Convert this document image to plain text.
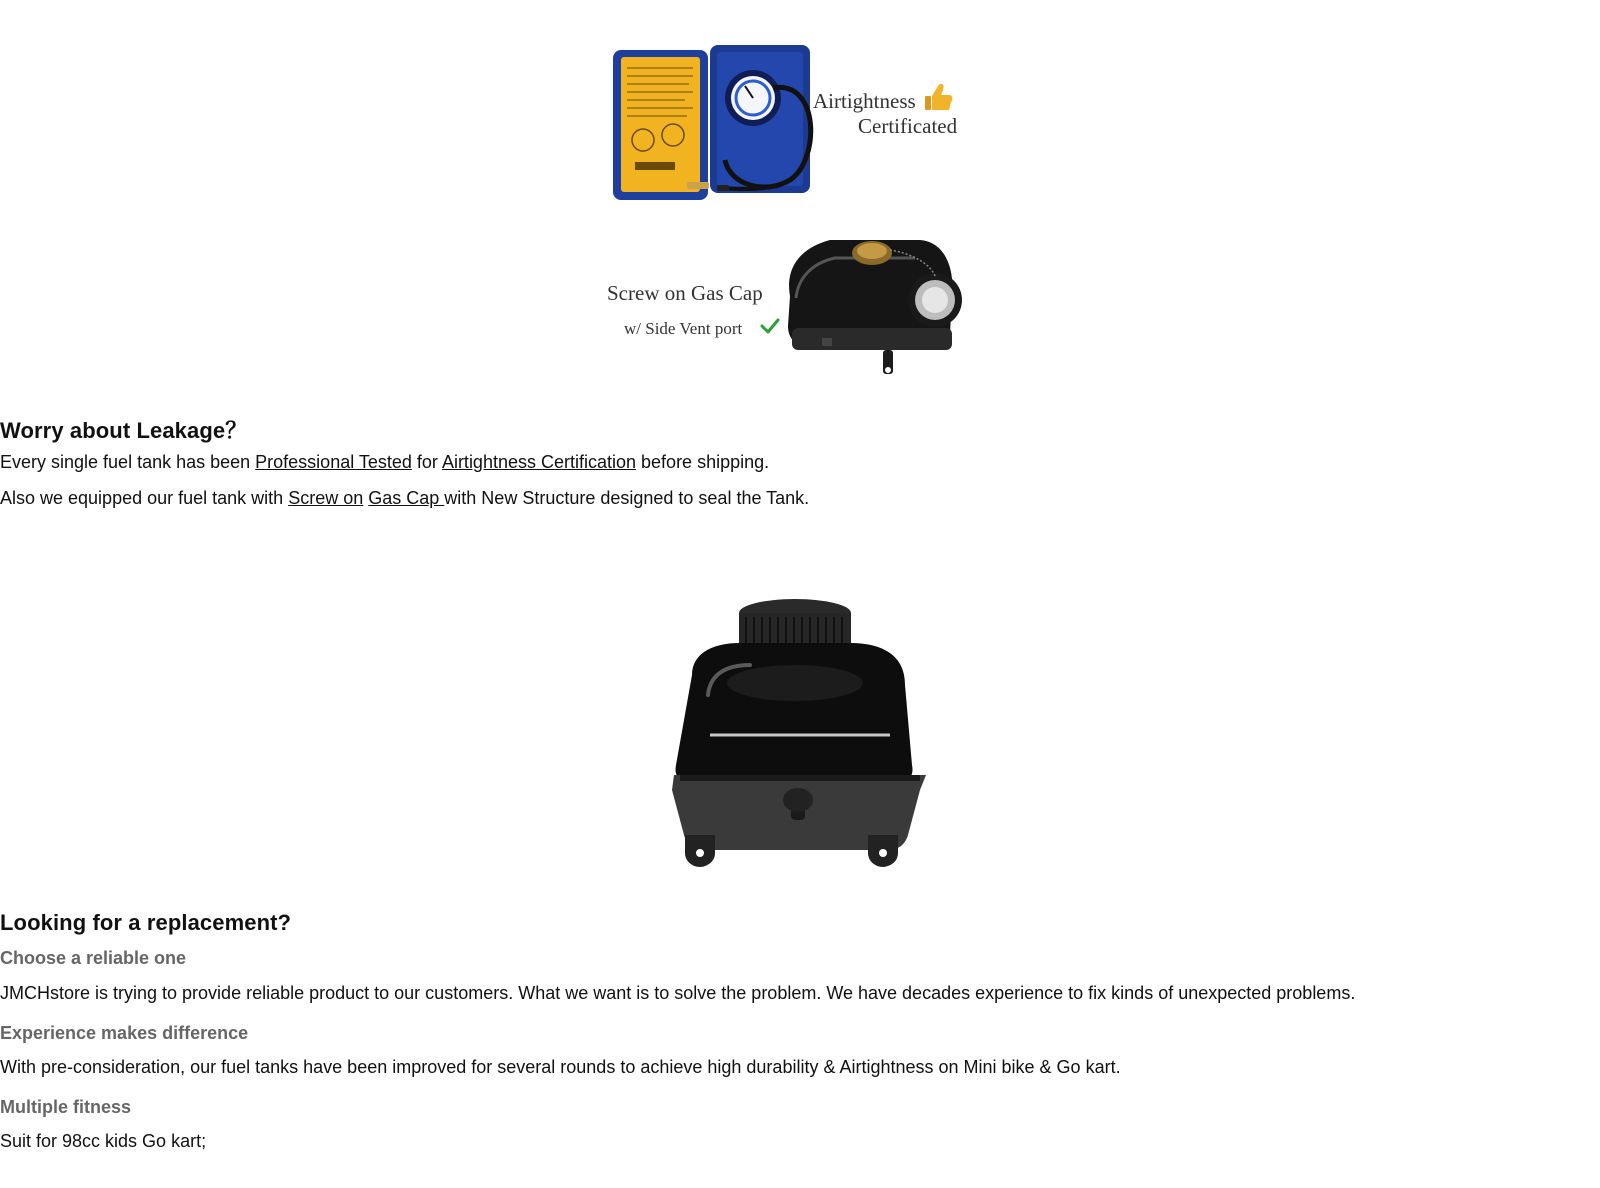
Airtightness
Certificated
Screw on Gas Cap
w/ Side Vent port
Worry about Leakage？

Every single fuel tank has been Professional Tested for Airtightness Certification before shipping.

Also we equipped our fuel tank with Screw on Gas Cap with New Structure designed to seal the Tank.

Looking for a replacement?
Choose a reliable one

JMCHstore is trying to provide reliable product to our customers. What we want is to solve the problem. We have decades experience to fix kinds of unexpected problems.

Experience makes difference

With pre-consideration, our fuel tanks have been improved for several rounds to achieve high durability & Airtightness on Mini bike & Go kart.

Multiple fitness

Suit for 98cc kids Go kart;
